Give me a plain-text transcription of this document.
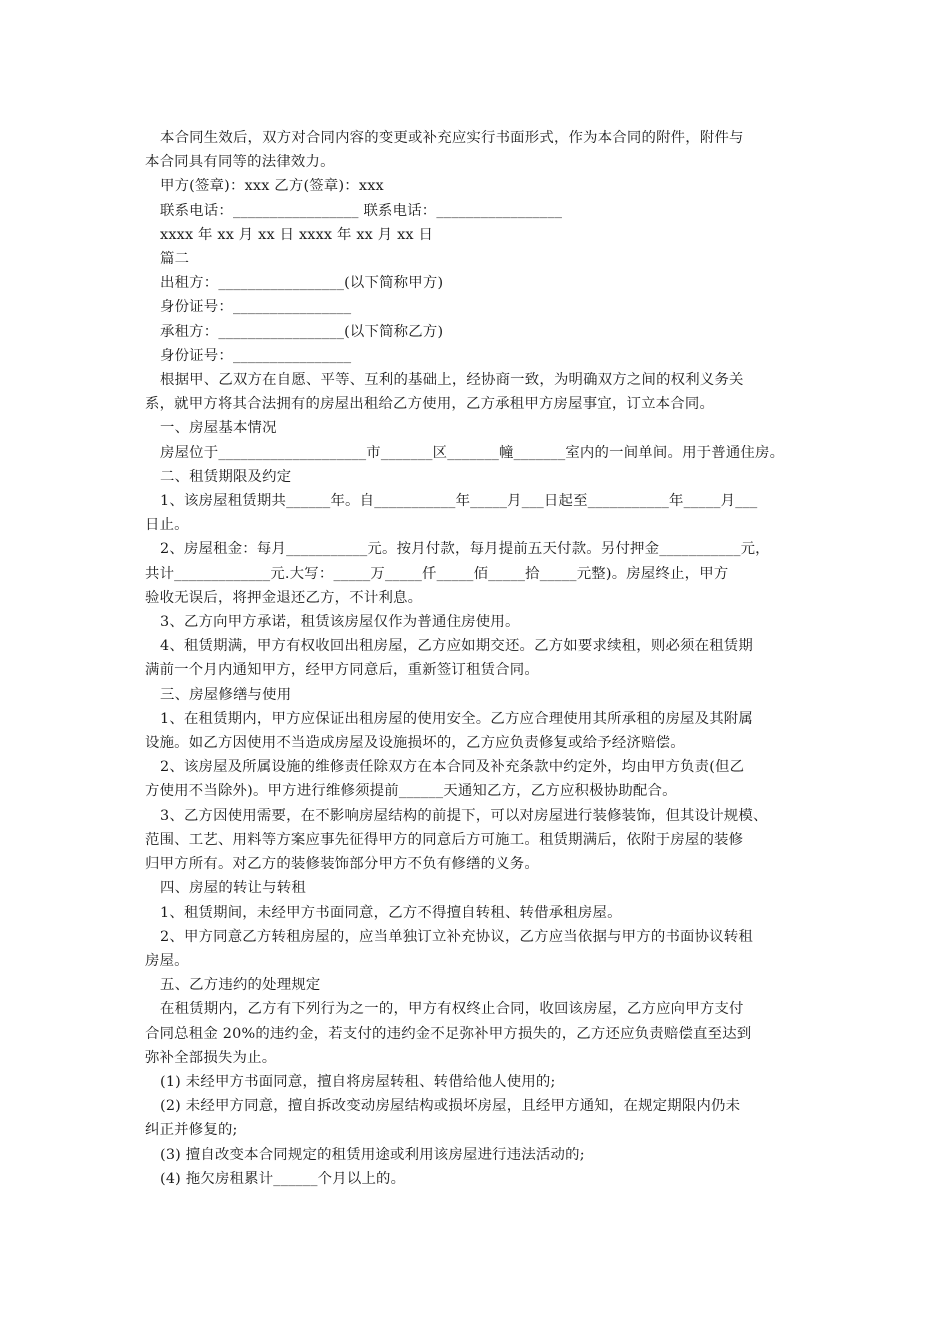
本合同生效后，双方对合同内容的变更或补充应实行书面形式，作为本合同的附件，附件与
本合同具有同等的法律效力。
甲方(签章)：xxx 乙方(签章)：xxx
联系电话：_________________ 联系电话：_________________
xxxx 年 xx 月 xx 日 xxxx 年 xx 月 xx 日
篇二
出租方：_________________(以下简称甲方)
身份证号：________________
承租方：_________________(以下简称乙方)
身份证号：________________
根据甲、乙双方在自愿、平等、互利的基础上，经协商一致，为明确双方之间的权利义务关
系，就甲方将其合法拥有的房屋出租给乙方使用，乙方承租甲方房屋事宜，订立本合同。
一、房屋基本情况
房屋位于____________________市_______区_______幢_______室内的一间单间。用于普通住房。
二、租赁期限及约定
1、该房屋租赁期共______年。自___________年_____月___日起至___________年_____月___
日止。
2、房屋租金：每月___________元。按月付款，每月提前五天付款。另付押金___________元，
共计_____________元.大写：_____万_____仟_____佰_____拾_____元整)。房屋终止，甲方
验收无误后，将押金退还乙方，不计利息。
3、乙方向甲方承诺，租赁该房屋仅作为普通住房使用。
4、租赁期满，甲方有权收回出租房屋，乙方应如期交还。乙方如要求续租，则必须在租赁期
满前一个月内通知甲方，经甲方同意后，重新签订租赁合同。
三、房屋修缮与使用
1、在租赁期内，甲方应保证出租房屋的使用安全。乙方应合理使用其所承租的房屋及其附属
设施。如乙方因使用不当造成房屋及设施损坏的，乙方应负责修复或给予经济赔偿。
2、该房屋及所属设施的维修责任除双方在本合同及补充条款中约定外，均由甲方负责(但乙
方使用不当除外)。甲方进行维修须提前______天通知乙方，乙方应积极协助配合。
3、乙方因使用需要，在不影响房屋结构的前提下，可以对房屋进行装修装饰，但其设计规模、
范围、工艺、用料等方案应事先征得甲方的同意后方可施工。租赁期满后，依附于房屋的装修
归甲方所有。对乙方的装修装饰部分甲方不负有修缮的义务。
四、房屋的转让与转租
1、租赁期间，未经甲方书面同意，乙方不得擅自转租、转借承租房屋。
2、甲方同意乙方转租房屋的，应当单独订立补充协议，乙方应当依据与甲方的书面协议转租
房屋。
五、乙方违约的处理规定
在租赁期内，乙方有下列行为之一的，甲方有权终止合同，收回该房屋，乙方应向甲方支付
合同总租金 20%的违约金，若支付的违约金不足弥补甲方损失的，乙方还应负责赔偿直至达到
弥补全部损失为止。
(1) 未经甲方书面同意，擅自将房屋转租、转借给他人使用的;
(2) 未经甲方同意，擅自拆改变动房屋结构或损坏房屋，且经甲方通知，在规定期限内仍未
纠正并修复的;
(3) 擅自改变本合同规定的租赁用途或利用该房屋进行违法活动的;
(4) 拖欠房租累计______个月以上的。
